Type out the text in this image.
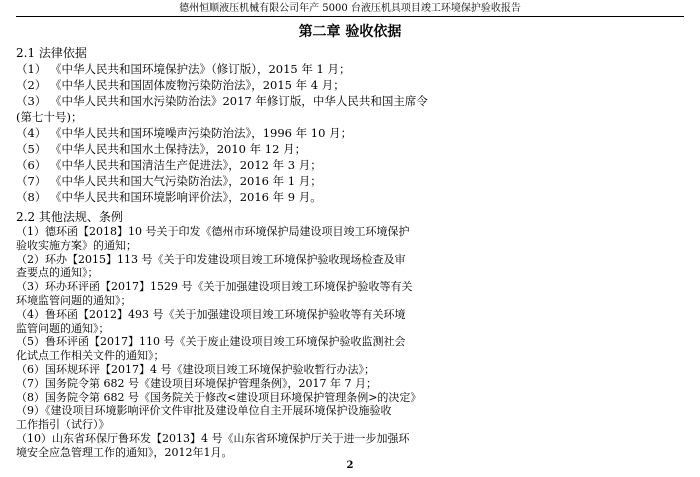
德州恒顺液压机械有限公司年产 5000 台液压机具项目竣工环境保护验收报告
第二章 验收依据
2.1 法律依据
（1） 《中华人民共和国环境保护法》（修订版），2015 年 1 月；
（2） 《中华人民共和国固体废物污染防治法》，2015 年 4 月；
（3） 《中华人民共和国水污染防治法》2017 年修订版，中华人民共和国主席令
(第七十号)；
（4） 《中华人民共和国环境噪声污染防治法》，1996 年 10 月；
（5） 《中华人民共和国水土保持法》，2010 年 12 月；
（6） 《中华人民共和国清洁生产促进法》，2012 年 3 月；
（7） 《中华人民共和国大气污染防治法》，2016 年 1 月；
（8） 《中华人民共和国环境影响评价法》，2016 年 9 月。
2.2 其他法规、条例
2
（1）德环函【2018】10 号关于印发《德州市环境保护局建设项目竣工环境保护
验收实施方案》的通知；
（2）环办【2015】113 号《关于印发建设项目竣工环境保护验收现场检查及审
查要点的通知》；
（3）环办环评函【2017】1529 号《关于加强建设项目竣工环境保护验收等有关
环境监管问题的通知》；
（4）鲁环函【2012】493 号《关于加强建设项目竣工环境保护验收等有关环境
监管问题的通知》；
（5）鲁环评函【2017】110 号《关于废止建设项目竣工环境保护验收监测社会
化试点工作相关文件的通知》；
（6）国环规环评【2017】4 号《建设项目竣工环境保护验收暂行办法》；
（7）国务院令第 682 号《建设项目环境保护管理条例》，2017 年 7 月；
（8）国务院令第 682 号《国务院关于修改<建设项目环境保护管理条例>的决定》
（9）《建设项目环境影响评价文件审批及建设单位自主开展环境保护设施验收
工作指引（试行）》
（10）山东省环保厅鲁环发【2013】4 号《山东省环境保护厅关于进一步加强环
境安全应急管理工作的通知》，2012年1月。
